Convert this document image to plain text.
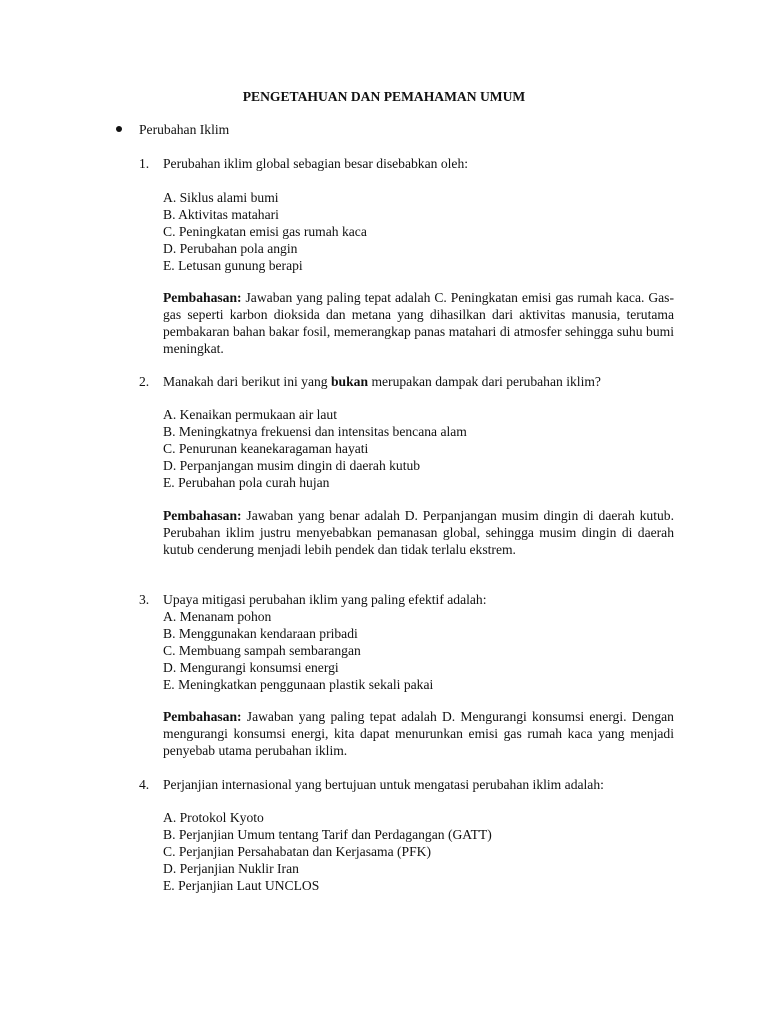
PENGETAHUAN DAN PEMAHAMAN UMUM
Perubahan Iklim
1. Perubahan iklim global sebagian besar disebabkan oleh:
A. Siklus alami bumi
B. Aktivitas matahari
C. Peningkatan emisi gas rumah kaca
D. Perubahan pola angin
E. Letusan gunung berapi
Pembahasan: Jawaban yang paling tepat adalah C. Peningkatan emisi gas rumah kaca. Gas-gas seperti karbon dioksida dan metana yang dihasilkan dari aktivitas manusia, terutama pembakaran bahan bakar fosil, memerangkap panas matahari di atmosfer sehingga suhu bumi meningkat.
2. Manakah dari berikut ini yang bukan merupakan dampak dari perubahan iklim?
A. Kenaikan permukaan air laut
B. Meningkatnya frekuensi dan intensitas bencana alam
C. Penurunan keanekaragaman hayati
D. Perpanjangan musim dingin di daerah kutub
E. Perubahan pola curah hujan
Pembahasan: Jawaban yang benar adalah D. Perpanjangan musim dingin di daerah kutub. Perubahan iklim justru menyebabkan pemanasan global, sehingga musim dingin di daerah kutub cenderung menjadi lebih pendek dan tidak terlalu ekstrem.
3. Upaya mitigasi perubahan iklim yang paling efektif adalah:
A. Menanam pohon
B. Menggunakan kendaraan pribadi
C. Membuang sampah sembarangan
D. Mengurangi konsumsi energi
E. Meningkatkan penggunaan plastik sekali pakai
Pembahasan: Jawaban yang paling tepat adalah D. Mengurangi konsumsi energi. Dengan mengurangi konsumsi energi, kita dapat menurunkan emisi gas rumah kaca yang menjadi penyebab utama perubahan iklim.
4. Perjanjian internasional yang bertujuan untuk mengatasi perubahan iklim adalah:
A. Protokol Kyoto
B. Perjanjian Umum tentang Tarif dan Perdagangan (GATT)
C. Perjanjian Persahabatan dan Kerjasama (PFK)
D. Perjanjian Nuklir Iran
E. Perjanjian Laut UNCLOS
